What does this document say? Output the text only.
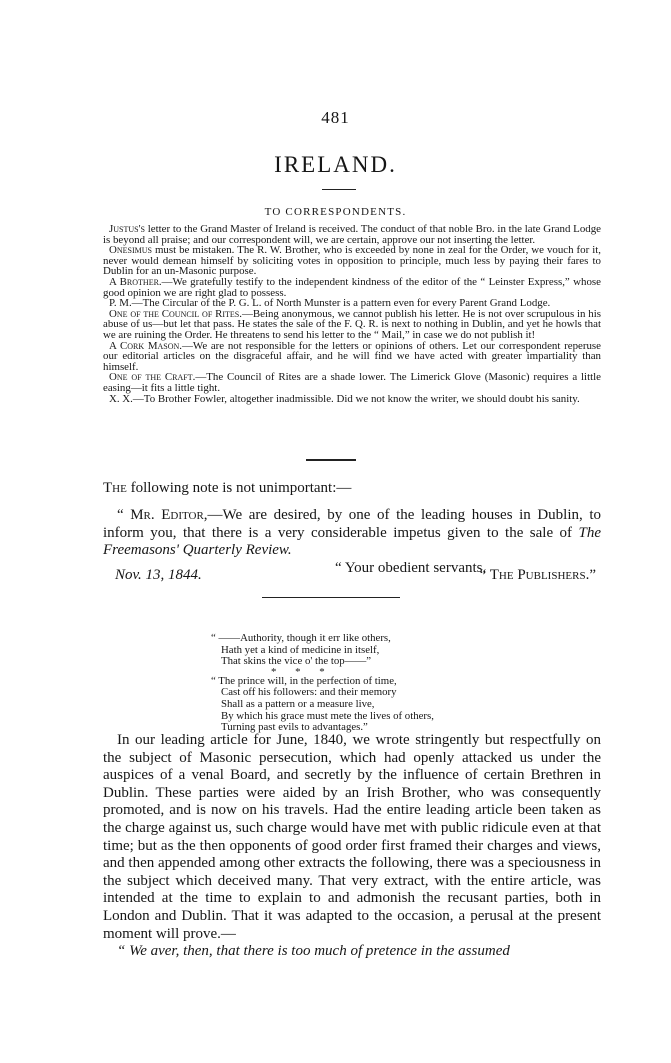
481
IRELAND.
TO CORRESPONDENTS.

Justus's letter to the Grand Master of Ireland is received. The conduct of that noble Bro. in the late Grand Lodge is beyond all praise; and our correspondent will, we are certain, approve our not inserting the letter.

Onesimus must be mistaken. The R. W. Brother, who is exceeded by none in zeal for the Order, we vouch for it, never would demean himself by soliciting votes in opposition to principle, much less by paying their fares to Dublin for an un-Masonic purpose.

A Brother.—We gratefully testify to the independent kindness of the editor of the “ Leinster Express,” whose good opinion we are right glad to possess.

P. M.—The Circular of the P. G. L. of North Munster is a pattern even for every Parent Grand Lodge.

One of the Council of Rites.—Being anonymous, we cannot publish his letter. He is not over scrupulous in his abuse of us—but let that pass. He states the sale of the F. Q. R. is next to nothing in Dublin, and yet he howls that we are ruining the Order. He threatens to send his letter to the “ Mail,” in case we do not publish it!

A Cork Mason.—We are not responsible for the letters or opinions of others. Let our correspondent reperuse our editorial articles on the disgraceful affair, and he will find we have acted with greater impartiality than himself.

One of the Craft.—The Council of Rites are a shade lower. The Limerick Glove (Masonic) requires a little easing—it fits a little tight.

X. X.—To Brother Fowler, altogether inadmissible. Did we not know the writer, we should doubt his sanity.

The following note is not unimportant:—

“ Mr. Editor,—We are desired, by one of the leading houses in Dublin, to inform you, that there is a very considerable impetus given to the sale of The Freemasons' Quarterly Review.

“ Your obedient servants,
Nov. 13, 1844.	“ The Publishers.”
“ ——Authority, though it err like others,
Hath yet a kind of medicine in itself,
That skins the vice o' the top——”
* * *
“ The prince will, in the perfection of time,
Cast off his followers: and their memory
Shall as a pattern or a measure live,
By which his grace must mete the lives of others,
Turning past evils to advantages.”

In our leading article for June, 1840, we wrote stringently but respectfully on the subject of Masonic persecution, which had openly attacked us under the auspices of a venal Board, and secretly by the influence of certain Brethren in Dublin. These parties were aided by an Irish Brother, who was consequently promoted, and is now on his travels. Had the entire leading article been taken as the charge against us, such charge would have met with public ridicule even at that time; but as the then opponents of good order first framed their charges and views, and then appended among other extracts the following, there was a speciousness in the subject which deceived many. That very extract, with the entire article, was intended at the time to explain to and admonish the recusant parties, both in London and Dublin. That it was adapted to the occasion, a perusal at the present moment will prove.—

“ We aver, then, that there is too much of pretence in the assumed
